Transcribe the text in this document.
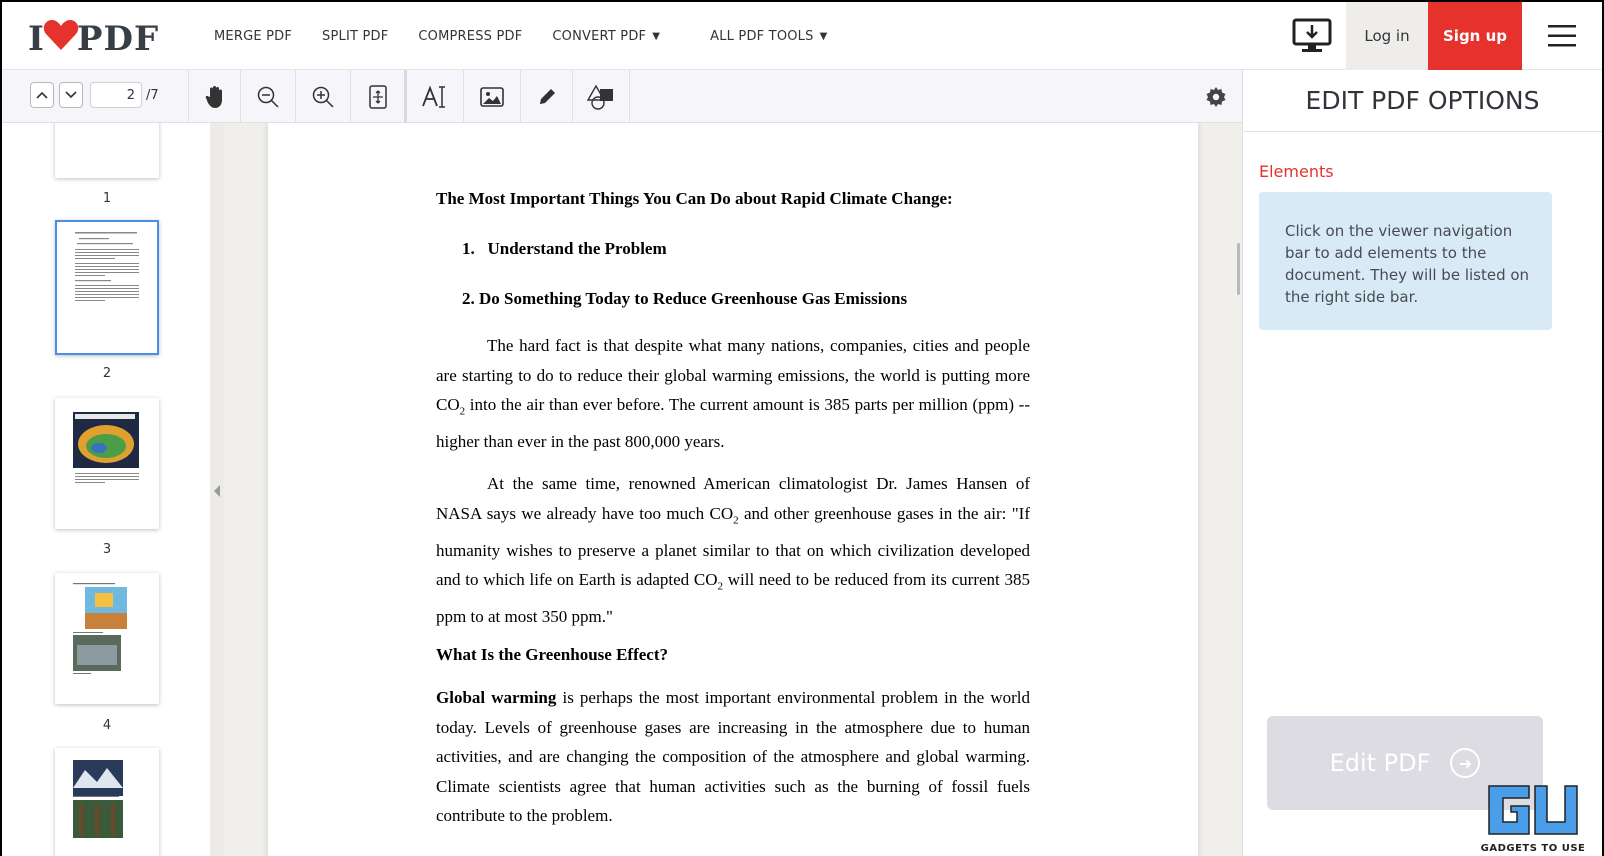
I PDF	MERGE PDF SPLIT PDF COMPRESS PDF CONVERT PDF ▼	ALL PDF TOOLS ▼	Log in	Sign up
2
/7
1
2
3
4
The Most Important Things You Can Do about Rapid Climate Change:
1.   Understand the Problem
2. Do Something Today to Reduce Greenhouse Gas Emissions
The hard fact is that despite what many nations, companies, cities and people are starting to do to reduce their global warming emissions, the world is putting more $CO_2$ into the air than ever before. The current amount is 385 parts per million (ppm) -- higher than ever in the past 800,000 years.
At the same time, renowned American climatologist Dr. James Hansen of NASA says we already have too much $CO_2$ and other greenhouse gases in the air: "If humanity wishes to preserve a planet similar to that on which civilization developed and to which life on Earth is adapted $CO_2$ will need to be reduced from its current 385 ppm to at most 350 ppm."
What Is the Greenhouse Effect?
Global warming is perhaps the most important environmental problem in the world today. Levels of greenhouse gases are increasing in the atmosphere due to human activities, and are changing the composition of the atmosphere and global warming. Climate scientists agree that human activities such as the burning of fossil fuels contribute to the problem.
EDIT PDF OPTIONS
Elements
Click on the viewer navigation bar to add elements to the document. They will be listed on the right side bar.
Edit PDF	➜
GADGETS TO USE
